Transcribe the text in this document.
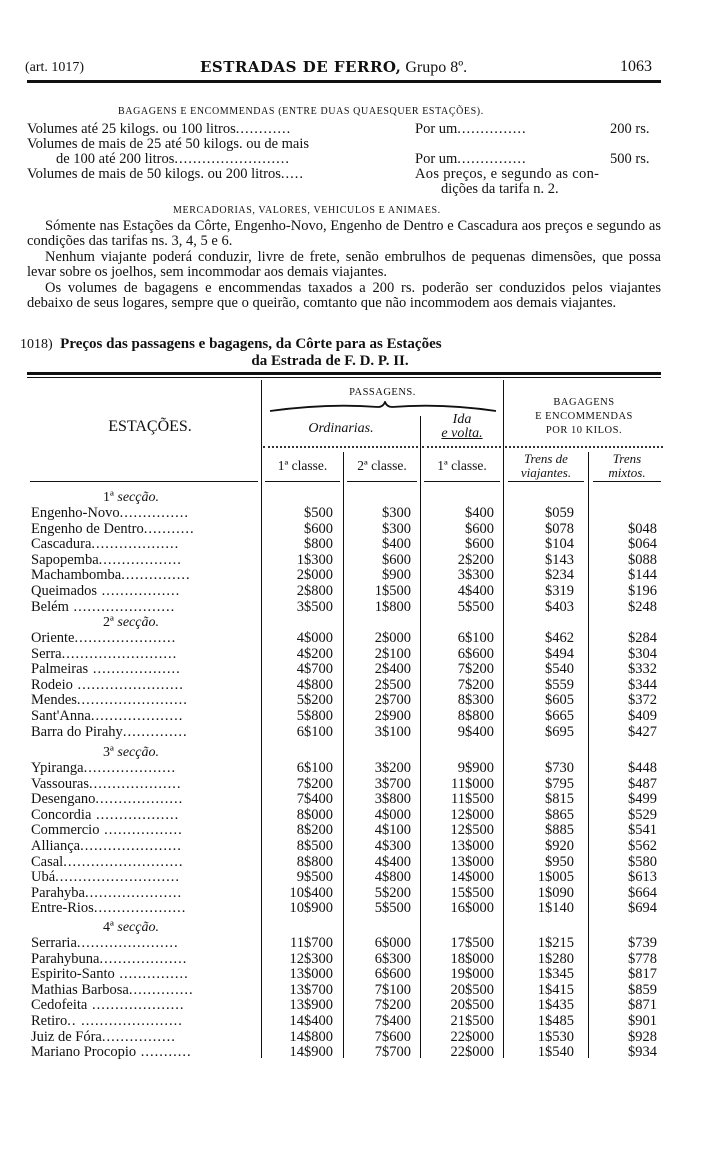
(art. 1017)	ESTRADAS DE FERRO, Grupo 8º.	1063
BAGAGENS E ENCOMMENDAS (ENTRE DUAS QUAESQUER ESTAÇÕES).
Volumes até 25 kilogs. ou 100 litros............	Por um...............	200 rs.
Volumes de mais de 25 até 50 kilogs. ou de mais
de 100 até 200 litros.........................	Por um...............	500 rs.
Volumes de mais de 50 kilogs. ou 200 litros.....	Aos preços, e segundo as con-
dições da tarifa n. 2.
MERCADORIAS, VALORES, VEHICULOS E ANIMAES.

Sómente nas Estações da Côrte, Engenho-Novo, Engenho de Dentro e Cascadura aos preços e segundo as condições das tarifas ns. 3, 4, 5 e 6.

Nenhum viajante poderá conduzir, livre de frete, senão embrulhos de pequenas dimensões, que possa levar sobre os joelhos, sem incommodar aos demais viajantes.

Os volumes de bagagens e encommendas taxados a 200 rs. poderão ser conduzidos pelos viajantes debaixo de seus logares, sempre que o queirão, comtanto que não incommodem aos demais viajantes.

1018) Preços das passagens e bagagens, da Côrte para as Estações
da Estrada de F. D. P. II.
ESTAÇÕES.
PASSAGENS.
Ordinarias.
Ida
e volta.
BAGAGENS
E ENCOMMENDAS
POR 10 KILOS.
1ª classe.	2ª classe.	1ª classe.	Trens de
viajantes.
Trens
mixtos.
1ª secção.
Engenho-Novo...............	$500	$300	$400	$059
Engenho de Dentro...........	$600	$300	$600	$078	$048
Cascadura...................	$800	$400	$600	$104	$064
Sapopemba..................	1$300	$600	2$200	$143	$088
Machambomba...............	2$000	$900	3$300	$234	$144
Queimados .................	2$800	1$500	4$400	$319	$196
Belém ......................	3$500	1$800	5$500	$403	$248
2ª secção.
Oriente......................	4$000	2$000	6$100	$462	$284
Serra.........................	4$200	2$100	6$600	$494	$304
Palmeiras ...................	4$700	2$400	7$200	$540	$332
Rodeio .......................	4$800	2$500	7$200	$559	$344
Mendes........................	5$200	2$700	8$300	$605	$372
Sant'Anna....................	5$800	2$900	8$800	$665	$409
Barra do Pirahy..............	6$100	3$100	9$400	$695	$427
3ª secção.
Ypiranga....................	6$100	3$200	9$900	$730	$448
Vassouras....................	7$200	3$700	11$000	$795	$487
Desengano...................	7$400	3$800	11$500	$815	$499
Concordia ..................	8$000	4$000	12$000	$865	$529
Commercio .................	8$200	4$100	12$500	$885	$541
Alliança......................	8$500	4$300	13$000	$920	$562
Casal..........................	8$800	4$400	13$000	$950	$580
Ubá...........................	9$500	4$800	14$000	1$005	$613
Parahyba.....................	10$400	5$200	15$500	1$090	$664
Entre-Rios....................	10$900	5$500	16$000	1$140	$694
4ª secção.
Serraria......................	11$700	6$000	17$500	1$215	$739
Parahybuna...................	12$300	6$300	18$000	1$280	$778
Espirito-Santo ...............	13$000	6$600	19$000	1$345	$817
Mathias Barbosa..............	13$700	7$100	20$500	1$415	$859
Cedofeita ....................	13$900	7$200	20$500	1$435	$871
Retiro.. ......................	14$400	7$400	21$500	1$485	$901
Juiz de Fóra................	14$800	7$600	22$000	1$530	$928
Mariano Procopio ...........	14$900	7$700	22$000	1$540	$934
